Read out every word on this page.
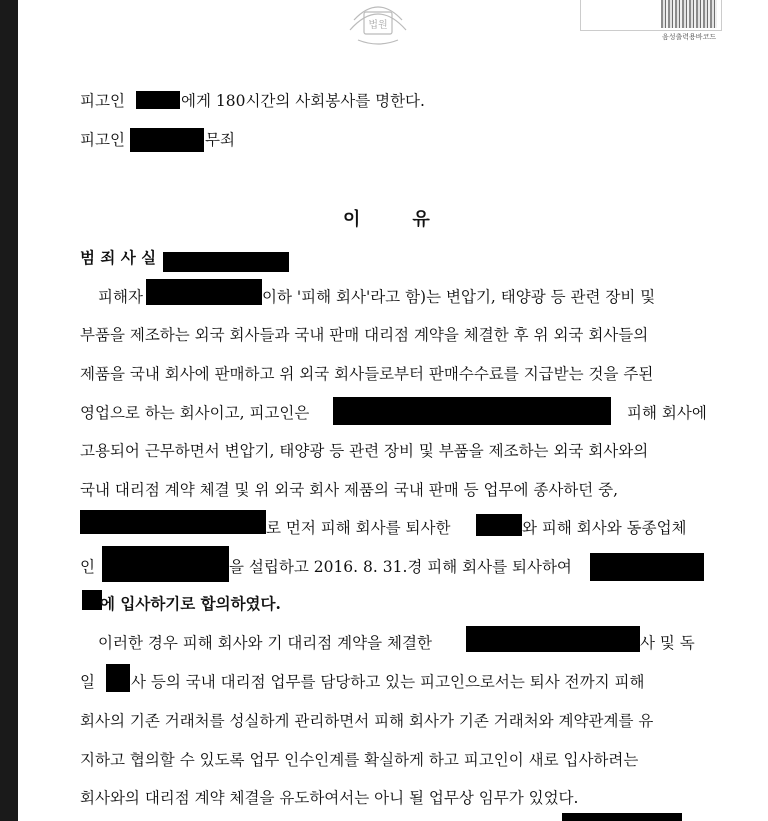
법원
음성출력용바코드
피고인	에게 180시간의 사회봉사를 명한다.
피고인	무죄
이	유
범 죄 사 실
피해자	이하 '피해 회사'라고 함)는 변압기, 태양광 등 관련 장비 및
부품을 제조하는 외국 회사들과 국내 판매 대리점 계약을 체결한 후 위 외국 회사들의
제품을 국내 회사에 판매하고 위 외국 회사들로부터 판매수수료를 지급받는 것을 주된
영업으로 하는 회사이고, 피고인은	피해 회사에
고용되어 근무하면서 변압기, 태양광 등 관련 장비 및 부품을 제조하는 외국 회사와의
국내 대리점 계약 체결 및 위 외국 회사 제품의 국내 판매 등 업무에 종사하던 중,
로 먼저 피해 회사를 퇴사한	와 피해 회사와 동종업체
인	을 설립하고 2016. 8. 31.경 피해 회사를 퇴사하여
에 입사하기로 합의하였다.
이러한 경우 피해 회사와 기 대리점 계약을 체결한	사 및 독
일 사 등의 국내 대리점 업무를 담당하고 있는 피고인으로서는 퇴사 전까지 피해
회사의 기존 거래처를 성실하게 관리하면서 피해 회사가 기존 거래처와 계약관계를 유
지하고 협의할 수 있도록 업무 인수인계를 확실하게 하고 피고인이 새로 입사하려는
회사와의 대리점 계약 체결을 유도하여서는 아니 될 업무상 임무가 있었다.
